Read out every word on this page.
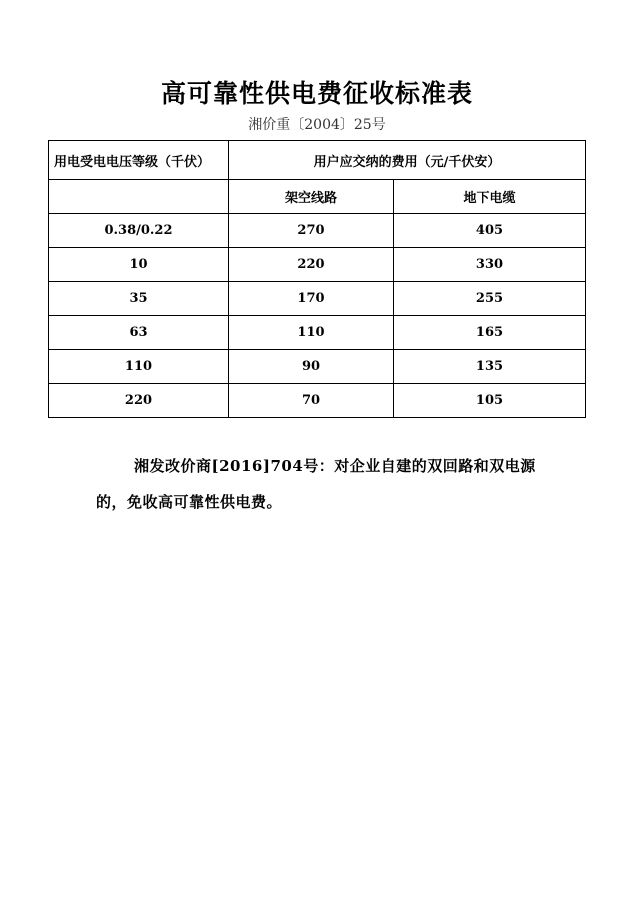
高可靠性供电费征收标准表
湘价重〔2004〕25号
用电受电电压等级（千伏）	用户应交纳的费用（元/千伏安）	
	架空线路	地下电缆
0.38/0.22	270	405
10	220	330
35	170	255
63	110	165
110	90	135
220	70	105
湘发改价商[2016]704号：对企业自建的双回路和双电源的，免收高可靠性供电费。
